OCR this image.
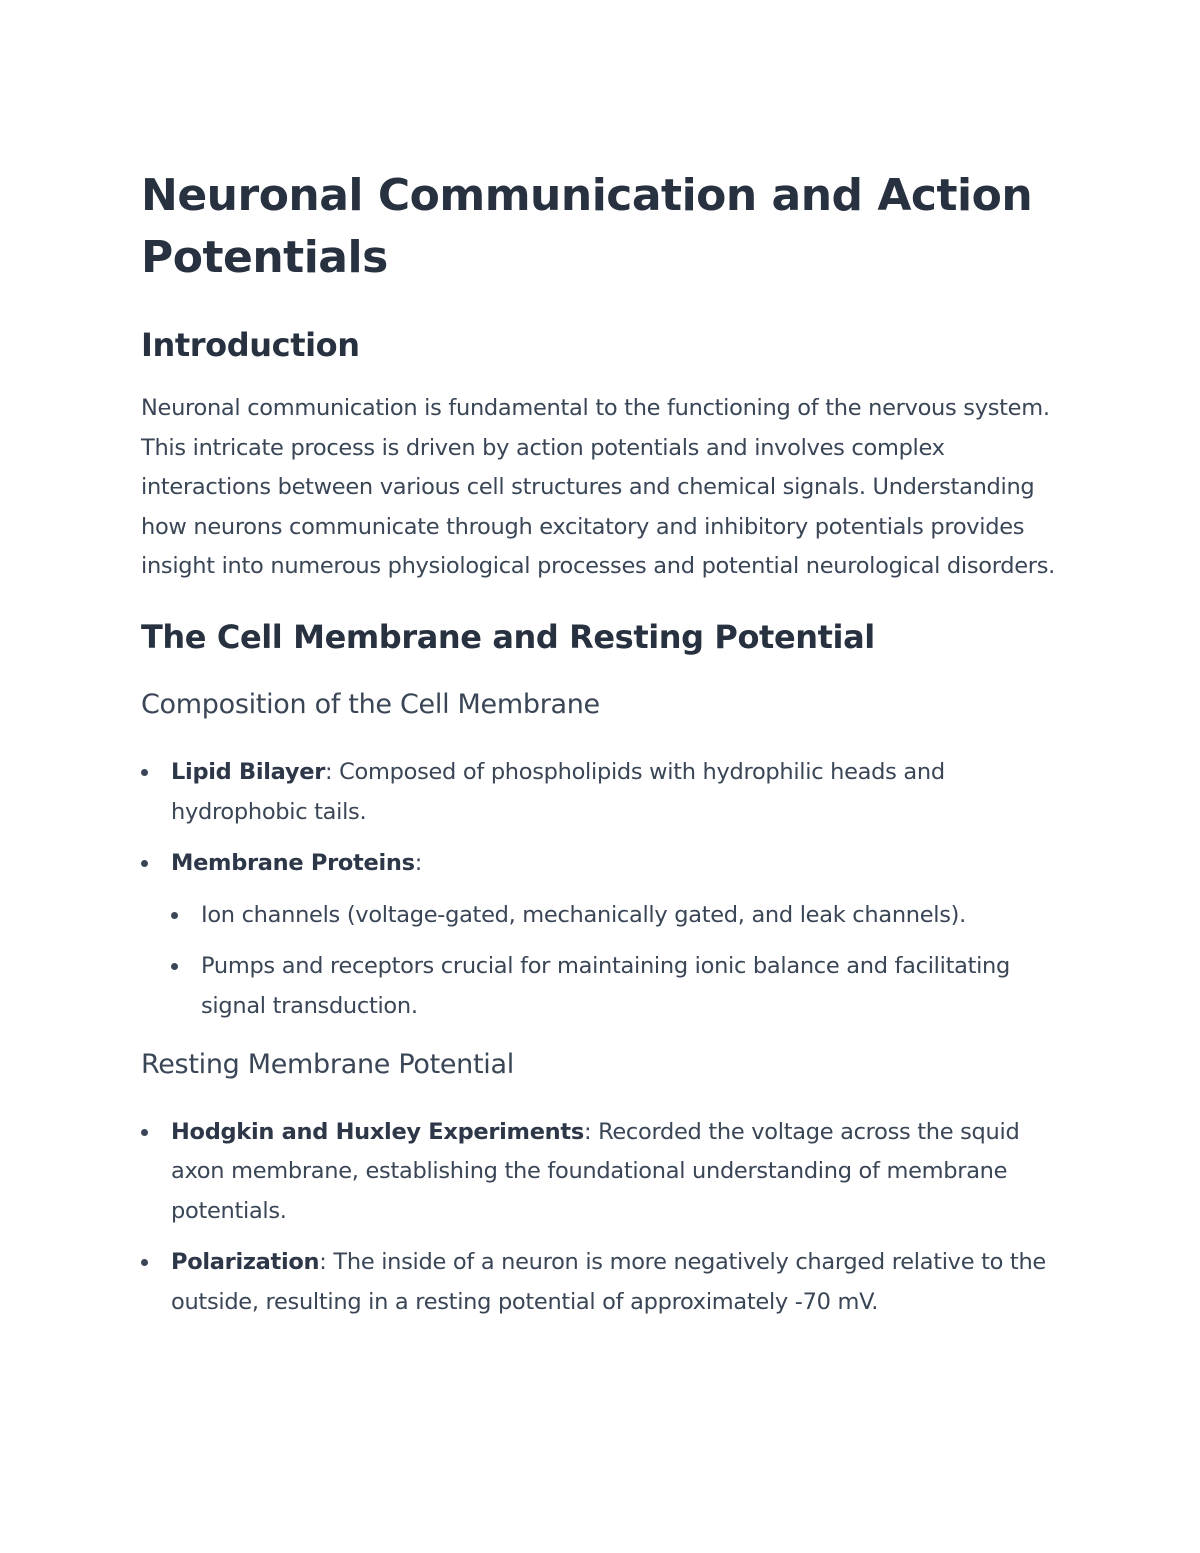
Neuronal Communication and Action Potentials
Introduction

Neuronal communication is fundamental to the functioning of the nervous system. This intricate process is driven by action potentials and involves complex interactions between various cell structures and chemical signals. Understanding how neurons communicate through excitatory and inhibitory potentials provides insight into numerous physiological processes and potential neurological disorders.

The Cell Membrane and Resting Potential
Composition of the Cell Membrane
Lipid Bilayer: Composed of phospholipids with hydrophilic heads and hydrophobic tails.
Membrane Proteins:
Ion channels (voltage-gated, mechanically gated, and leak channels).
Pumps and receptors crucial for maintaining ionic balance and facilitating signal transduction.
Resting Membrane Potential
Hodgkin and Huxley Experiments: Recorded the voltage across the squid axon membrane, establishing the foundational understanding of membrane potentials.
Polarization: The inside of a neuron is more negatively charged relative to the outside, resulting in a resting potential of approximately -70 mV.
